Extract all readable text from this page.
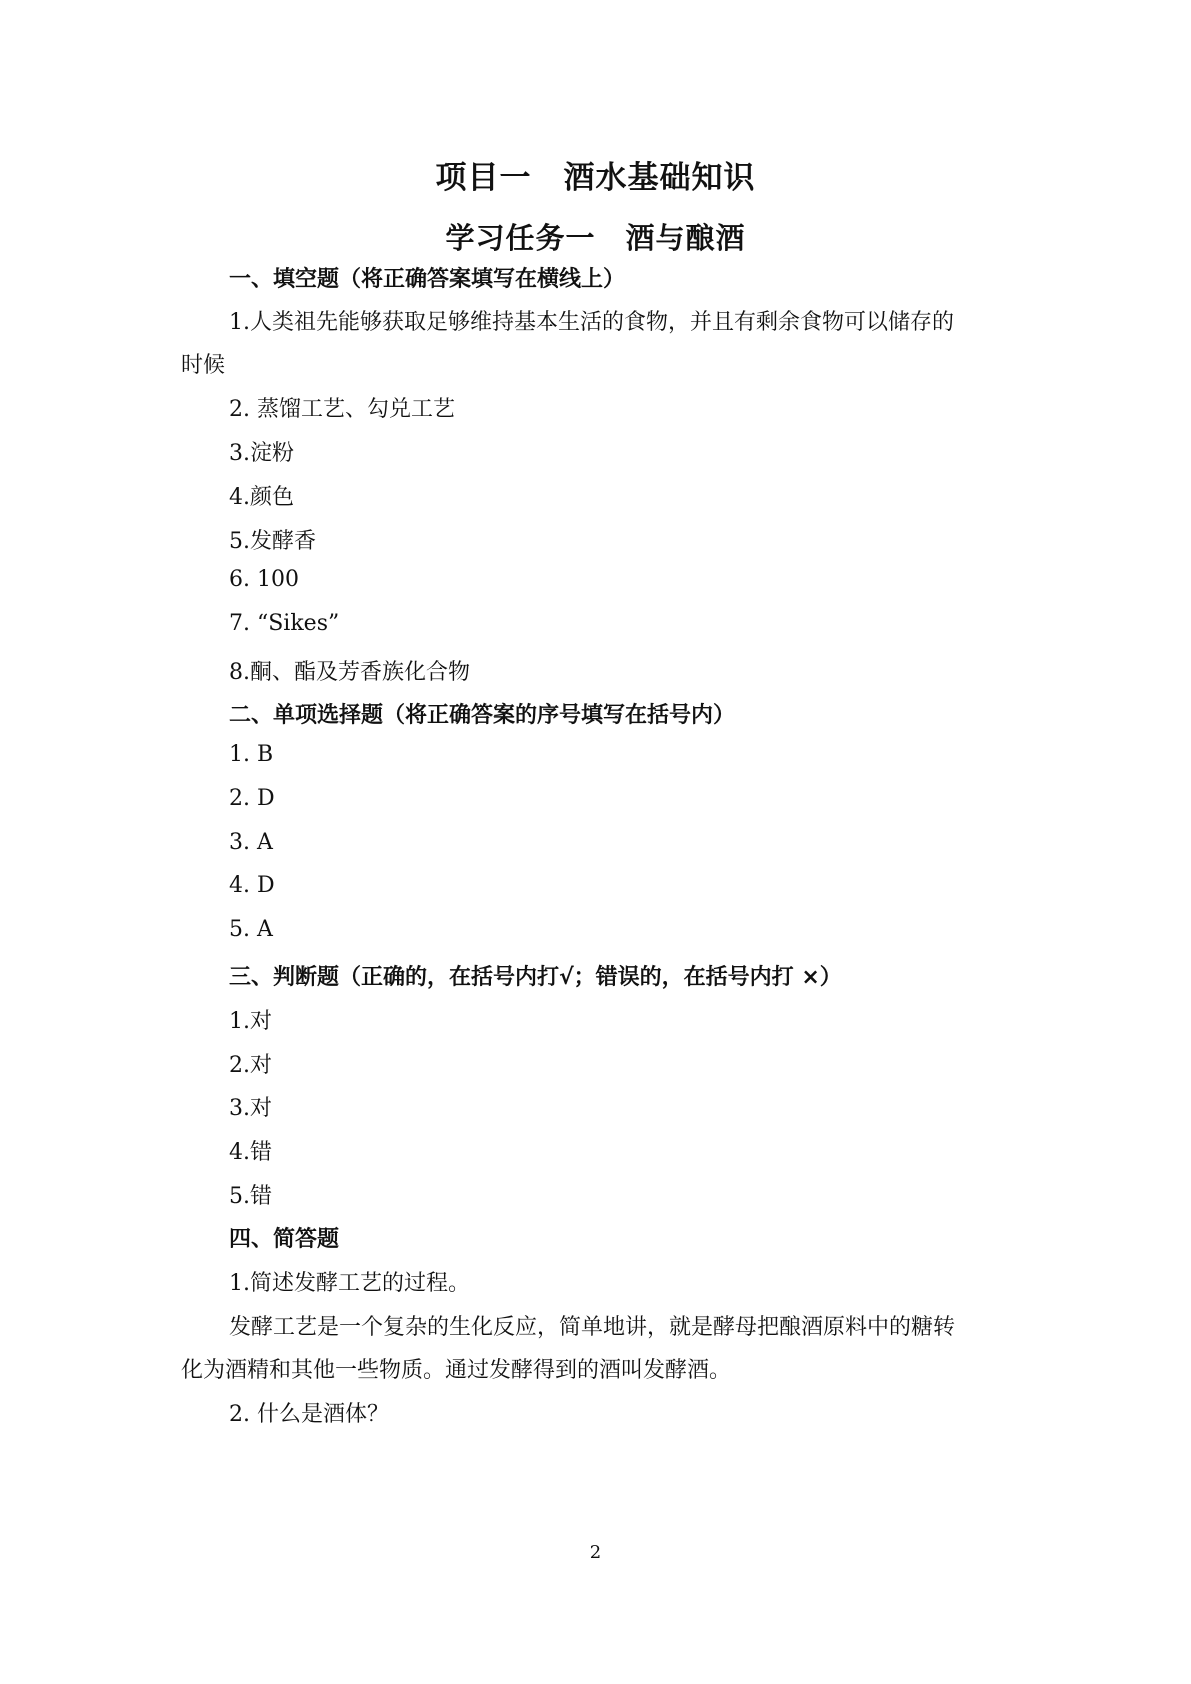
项目一　酒水基础知识
学习任务一　酒与酿酒
一、填空题（将正确答案填写在横线上）
1.人类祖先能够获取足够维持基本生活的食物，并且有剩余食物可以储存的
时候
2. 蒸馏工艺、勾兑工艺
3.淀粉
4.颜色
5.发酵香
6. 100
7. “Sikes”
8.酮、酯及芳香族化合物
二、单项选择题（将正确答案的序号填写在括号内）
1. B
2. D
3. A
4. D
5. A
三、判断题（正确的，在括号内打√；错误的，在括号内打 ×）
1.对
2.对
3.对
4.错
5.错
四、简答题
1.简述发酵工艺的过程。
发酵工艺是一个复杂的生化反应，简单地讲，就是酵母把酿酒原料中的糖转
化为酒精和其他一些物质。通过发酵得到的酒叫发酵酒。
2. 什么是酒体？
2
